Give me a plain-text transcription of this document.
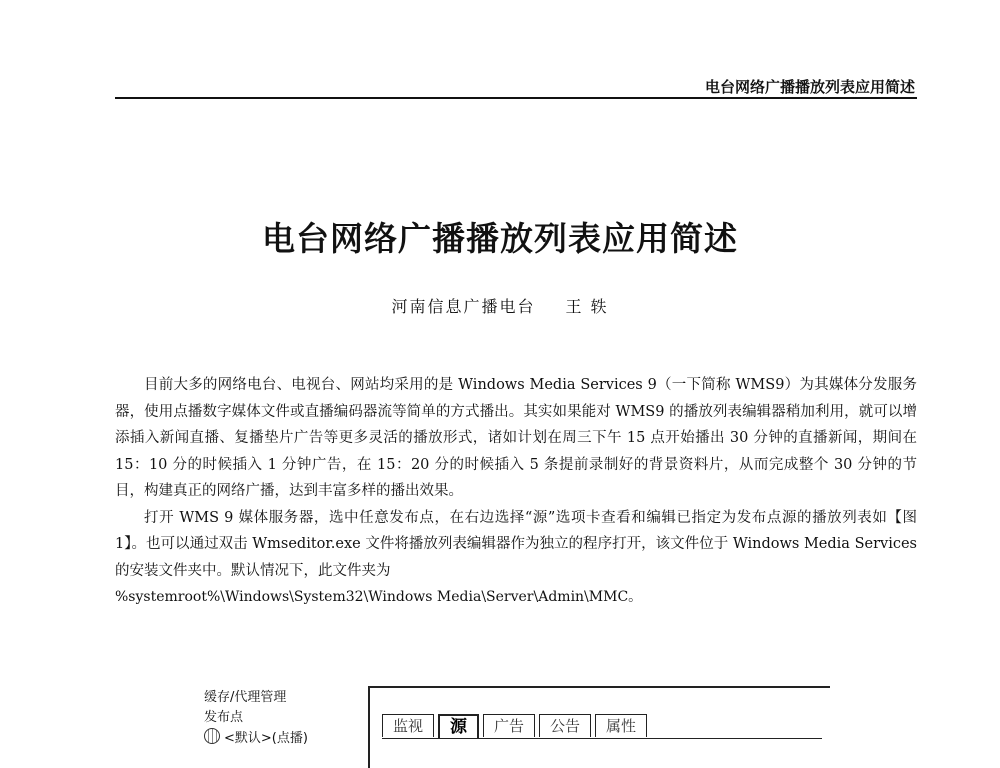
电台网络广播播放列表应用简述
电台网络广播播放列表应用简述
河南信息广播电台 王 轶

目前大多的网络电台、电视台、网站均采用的是 Windows Media Services 9（一下简称 WMS9）为其媒体分发服务器，使用点播数字媒体文件或直播编码器流等简单的方式播出。其实如果能对 WMS9 的播放列表编辑器稍加利用，就可以增添插入新闻直播、复播垫片广告等更多灵活的播放形式，诸如计划在周三下午 15 点开始播出 30 分钟的直播新闻，期间在 15：10 分的时候插入 1 分钟广告，在 15：20 分的时候插入 5 条提前录制好的背景资料片，从而完成整个 30 分钟的节目，构建真正的网络广播，达到丰富多样的播出效果。

打开 WMS 9 媒体服务器，选中任意发布点，在右边选择“源”选项卡查看和编辑已指定为发布点源的播放列表如【图 1】。也可以通过双击 Wmseditor.exe 文件将播放列表编辑器作为独立的程序打开，该文件位于 Windows Media Services 的安装文件夹中。默认情况下，此文件夹为

%systemroot%\Windows\System32\Windows Media\Server\Admin\MMC。

缓存/代理管理
发布点
<默认>(点播)
监视	源	广告	公告	属性
